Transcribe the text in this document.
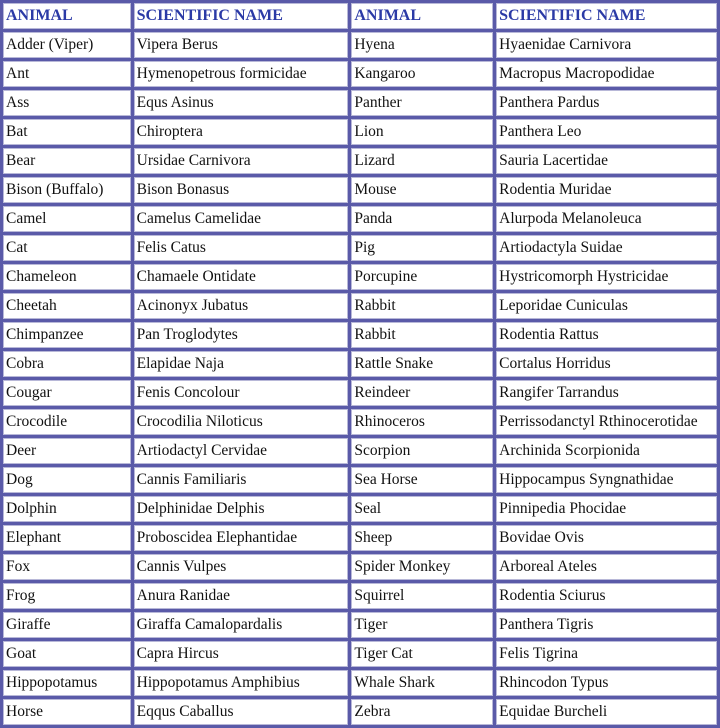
ANIMAL	SCIENTIFIC NAME	ANIMAL	SCIENTIFIC NAME
Adder (Viper)	Vipera Berus	Hyena	Hyaenidae Carnivora
Ant	Hymenopetrous formicidae	Kangaroo	Macropus Macropodidae
Ass	Equs Asinus	Panther	Panthera Pardus
Bat	Chiroptera	Lion	Panthera Leo
Bear	Ursidae Carnivora	Lizard	Sauria Lacertidae
Bison (Buffalo)	Bison Bonasus	Mouse	Rodentia Muridae
Camel	Camelus Camelidae	Panda	Alurpoda Melanoleuca
Cat	Felis Catus	Pig	Artiodactyla Suidae
Chameleon	Chamaele Ontidate	Porcupine	Hystricomorph Hystricidae
Cheetah	Acinonyx Jubatus	Rabbit	Leporidae Cuniculas
Chimpanzee	Pan Troglodytes	Rabbit	Rodentia Rattus
Cobra	Elapidae Naja	Rattle Snake	Cortalus Horridus
Cougar	Fenis Concolour	Reindeer	Rangifer Tarrandus
Crocodile	Crocodilia Niloticus	Rhinoceros	Perrissodanctyl Rthinocerotidae
Deer	Artiodactyl Cervidae	Scorpion	Archinida Scorpionida
Dog	Cannis Familiaris	Sea Horse	Hippocampus Syngnathidae
Dolphin	Delphinidae Delphis	Seal	Pinnipedia Phocidae
Elephant	Proboscidea Elephantidae	Sheep	Bovidae Ovis
Fox	Cannis Vulpes	Spider Monkey	Arboreal Ateles
Frog	Anura Ranidae	Squirrel	Rodentia Sciurus
Giraffe	Giraffa Camalopardalis	Tiger	Panthera Tigris
Goat	Capra Hircus	Tiger Cat	Felis Tigrina
Hippopotamus	Hippopotamus Amphibius	Whale Shark	Rhincodon Typus
Horse	Eqqus Caballus	Zebra	Equidae Burcheli
